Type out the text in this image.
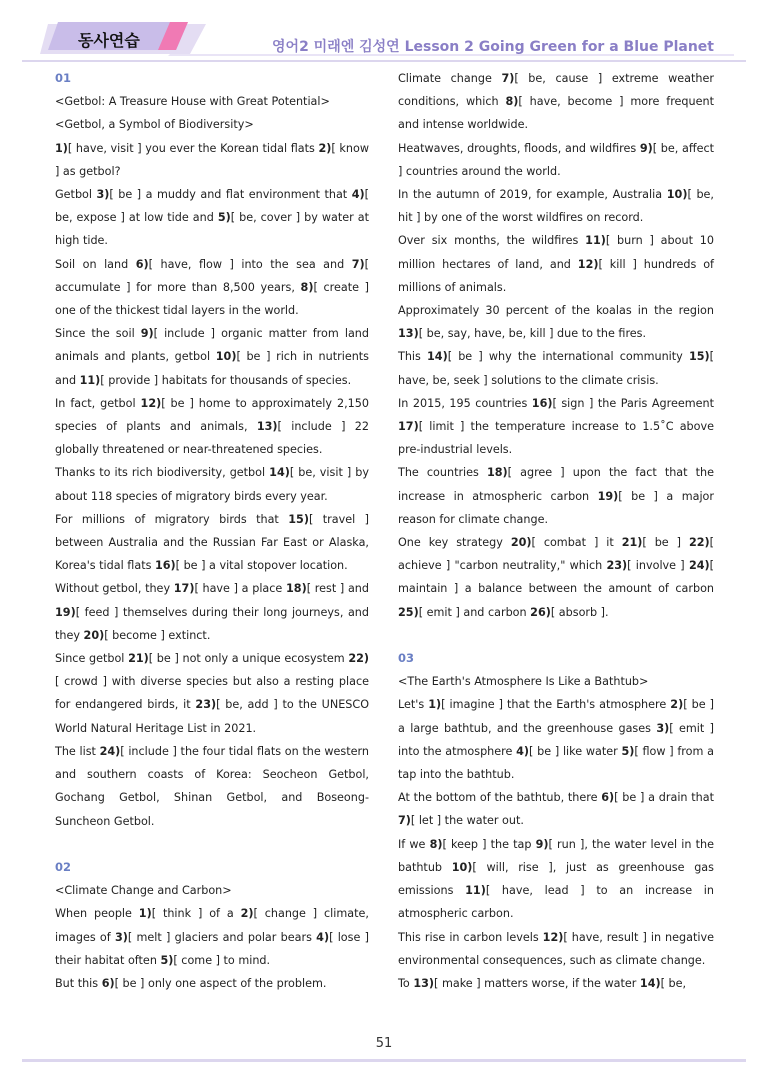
동사연습	영어2 미래엔 김성연 Lesson 2 Going Green for a Blue Planet
01
<Getbol: A Treasure House with Great Potential>
<Getbol, a Symbol of Biodiversity>
1)[ have, visit ] you ever the Korean tidal flats 2)[ know ] as getbol?
Getbol 3)[ be ] a muddy and flat environment that 4)[ be, expose ] at low tide and 5)[ be, cover ] by water at high tide.
Soil on land 6)[ have, flow ] into the sea and 7)[ accumulate ] for more than 8,500 years, 8)[ create ] one of the thickest tidal layers in the world.
Since the soil 9)[ include ] organic matter from land animals and plants, getbol 10)[ be ] rich in nutrients and 11)[ provide ] habitats for thousands of species.
In fact, getbol 12)[ be ] home to approximately 2,150 species of plants and animals, 13)[ include ] 22 globally threatened or near-threatened species.
Thanks to its rich biodiversity, getbol 14)[ be, visit ] by about 118 species of migratory birds every year.
For millions of migratory birds that 15)[ travel ] between Australia and the Russian Far East or Alaska, Korea's tidal flats 16)[ be ] a vital stopover location.
Without getbol, they 17)[ have ] a place 18)[ rest ] and 19)[ feed ] themselves during their long journeys, and they 20)[ become ] extinct.
Since getbol 21)[ be ] not only a unique ecosystem 22)[ crowd ] with diverse species but also a resting place for endangered birds, it 23)[ be, add ] to the UNESCO World Natural Heritage List in 2021.
The list 24)[ include ] the four tidal flats on the western and southern coasts of Korea: Seocheon Getbol, Gochang Getbol, Shinan Getbol, and Boseong-Suncheon Getbol.
02
<Climate Change and Carbon>
When people 1)[ think ] of a 2)[ change ] climate, images of 3)[ melt ] glaciers and polar bears 4)[ lose ] their habitat often 5)[ come ] to mind.
But this 6)[ be ] only one aspect of the problem.
Climate change 7)[ be, cause ] extreme weather conditions, which 8)[ have, become ] more frequent and intense worldwide.
Heatwaves, droughts, floods, and wildfires 9)[ be, affect ] countries around the world.
In the autumn of 2019, for example, Australia 10)[ be, hit ] by one of the worst wildfires on record.
Over six months, the wildfires 11)[ burn ] about 10 million hectares of land, and 12)[ kill ] hundreds of millions of animals.
Approximately 30 percent of the koalas in the region 13)[ be, say, have, be, kill ] due to the fires.
This 14)[ be ] why the international community 15)[ have, be, seek ] solutions to the climate crisis.
In 2015, 195 countries 16)[ sign ] the Paris Agreement 17)[ limit ] the temperature increase to 1.5˚C above pre-industrial levels.
The countries 18)[ agree ] upon the fact that the increase in atmospheric carbon 19)[ be ] a major reason for climate change.
One key strategy 20)[ combat ] it 21)[ be ] 22)[ achieve ] "carbon neutrality," which 23)[ involve ] 24)[ maintain ] a balance between the amount of carbon 25)[ emit ] and carbon 26)[ absorb ].
03
<The Earth's Atmosphere Is Like a Bathtub>
Let's 1)[ imagine ] that the Earth's atmosphere 2)[ be ] a large bathtub, and the greenhouse gases 3)[ emit ] into the atmosphere 4)[ be ] like water 5)[ flow ] from a tap into the bathtub.
At the bottom of the bathtub, there 6)[ be ] a drain that 7)[ let ] the water out.
If we 8)[ keep ] the tap 9)[ run ], the water level in the bathtub 10)[ will, rise ], just as greenhouse gas emissions 11)[ have, lead ] to an increase in atmospheric carbon.
This rise in carbon levels 12)[ have, result ] in negative environmental consequences, such as climate change.
To 13)[ make ] matters worse, if the water 14)[ be,
51
